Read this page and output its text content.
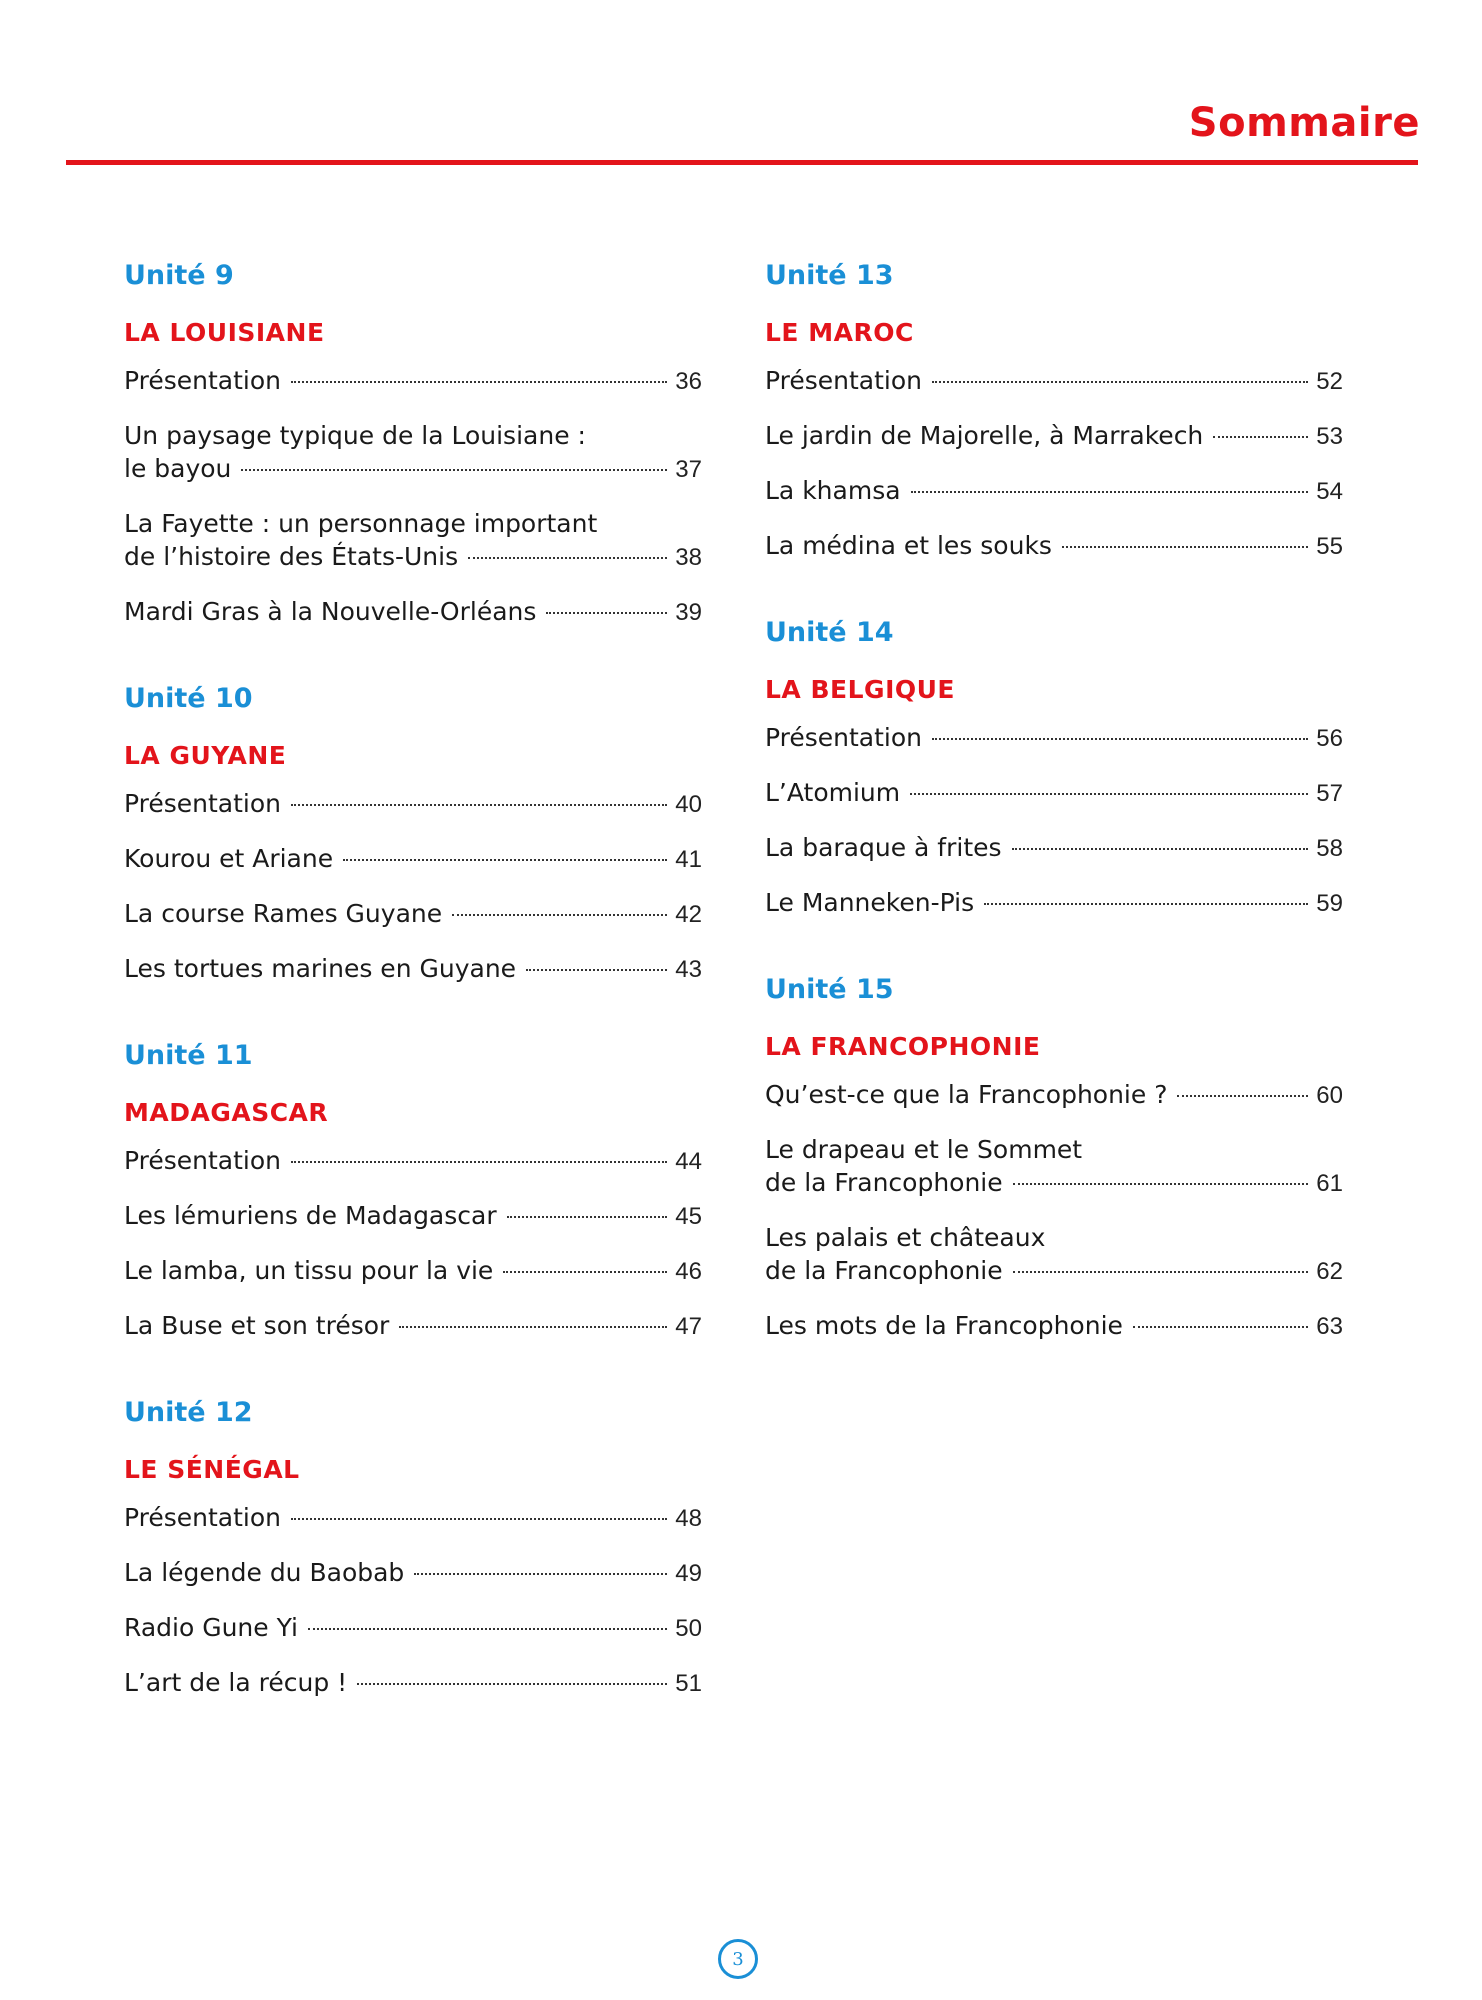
Sommaire
Unité 9
LA LOUISIANE
Présentation	36
Un paysage typique de la Louisiane :
le bayou	37
La Fayette : un personnage important
de l’histoire des États-Unis	38
Mardi Gras à la Nouvelle-Orléans	39
Unité 10
LA GUYANE
Présentation	40
Kourou et Ariane	41
La course Rames Guyane	42
Les tortues marines en Guyane	43
Unité 11
MADAGASCAR
Présentation	44
Les lémuriens de Madagascar	45
Le lamba, un tissu pour la vie	46
La Buse et son trésor	47
Unité 12
LE SÉNÉGAL
Présentation	48
La légende du Baobab	49
Radio Gune Yi	50
L’art de la récup !	51
Unité 13
LE MAROC
Présentation	52
Le jardin de Majorelle, à Marrakech	53
La khamsa	54
La médina et les souks	55
Unité 14
LA BELGIQUE
Présentation	56
L’Atomium	57
La baraque à frites	58
Le Manneken-Pis	59
Unité 15
LA FRANCOPHONIE
Qu’est-ce que la Francophonie ?	60
Le drapeau et le Sommet
de la Francophonie	61
Les palais et châteaux
de la Francophonie	62
Les mots de la Francophonie	63
3
